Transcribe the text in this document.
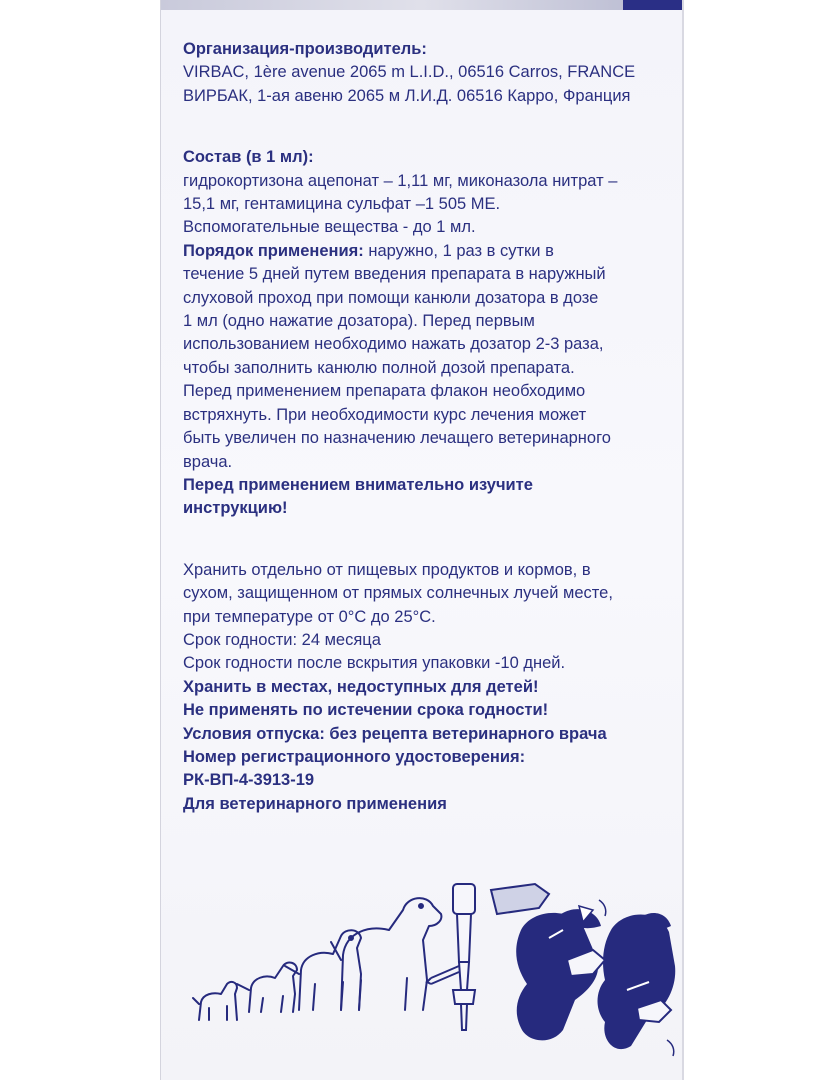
Организация-производитель:
VIRBAC, 1ère avenue 2065 m L.I.D., 06516 Carros, FRANCE
ВИРБАК, 1-ая авеню 2065 м Л.И.Д. 06516 Карро, Франция
Состав (в 1 мл):
гидрокортизона ацепонат – 1,11 мг, миконазола нитрат –
15,1 мг, гентамицина сульфат –1 505 МЕ.
Вспомогательные вещества - до 1 мл.
Порядок применения: наружно, 1 раз в сутки в
течение 5 дней путем введения препарата в наружный
слуховой проход при помощи канюли дозатора в дозе
1 мл (одно нажатие дозатора). Перед первым
использованием необходимо нажать дозатор 2-3 раза,
чтобы заполнить канюлю полной дозой препарата.
Перед применением препарата флакон необходимо
встряхнуть. При необходимости курс лечения может
быть увеличен по назначению лечащего ветеринарного
врача.
Перед применением внимательно изучите
инструкцию!
Хранить отдельно от пищевых продуктов и кормов, в
сухом, защищенном от прямых солнечных лучей месте,
при температуре от 0°C до 25°C.
Срок годности: 24 месяца
Срок годности после вскрытия упаковки -10 дней.
Хранить в местах, недоступных для детей!
Не применять по истечении срока годности!
Условия отпуска: без рецепта ветеринарного врача
Номер регистрационного удостоверения:
РК-ВП-4-3913-19
Для ветеринарного применения
